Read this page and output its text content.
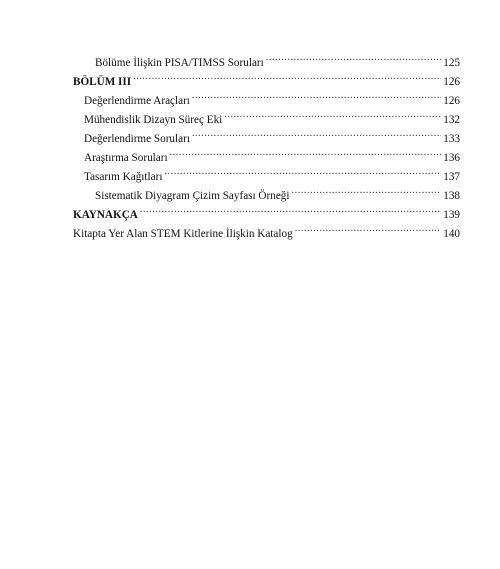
Bölüme İlişkin PISA/TIMSS Soruları .....	125
BÖLÜM III .....	126
Değerlendirme Araçları .....	126
Mühendislik Dizayn Süreç Eki .....	132
Değerlendirme Soruları .....	133
Araştırma Soruları .....	136
Tasarım Kağıtları .....	137
Sistematik Diyagram Çizim Sayfası Örneği .....	138
KAYNAKÇA .....	139
Kitapta Yer Alan STEM Kitlerine İlişkin Katalog .....	140
